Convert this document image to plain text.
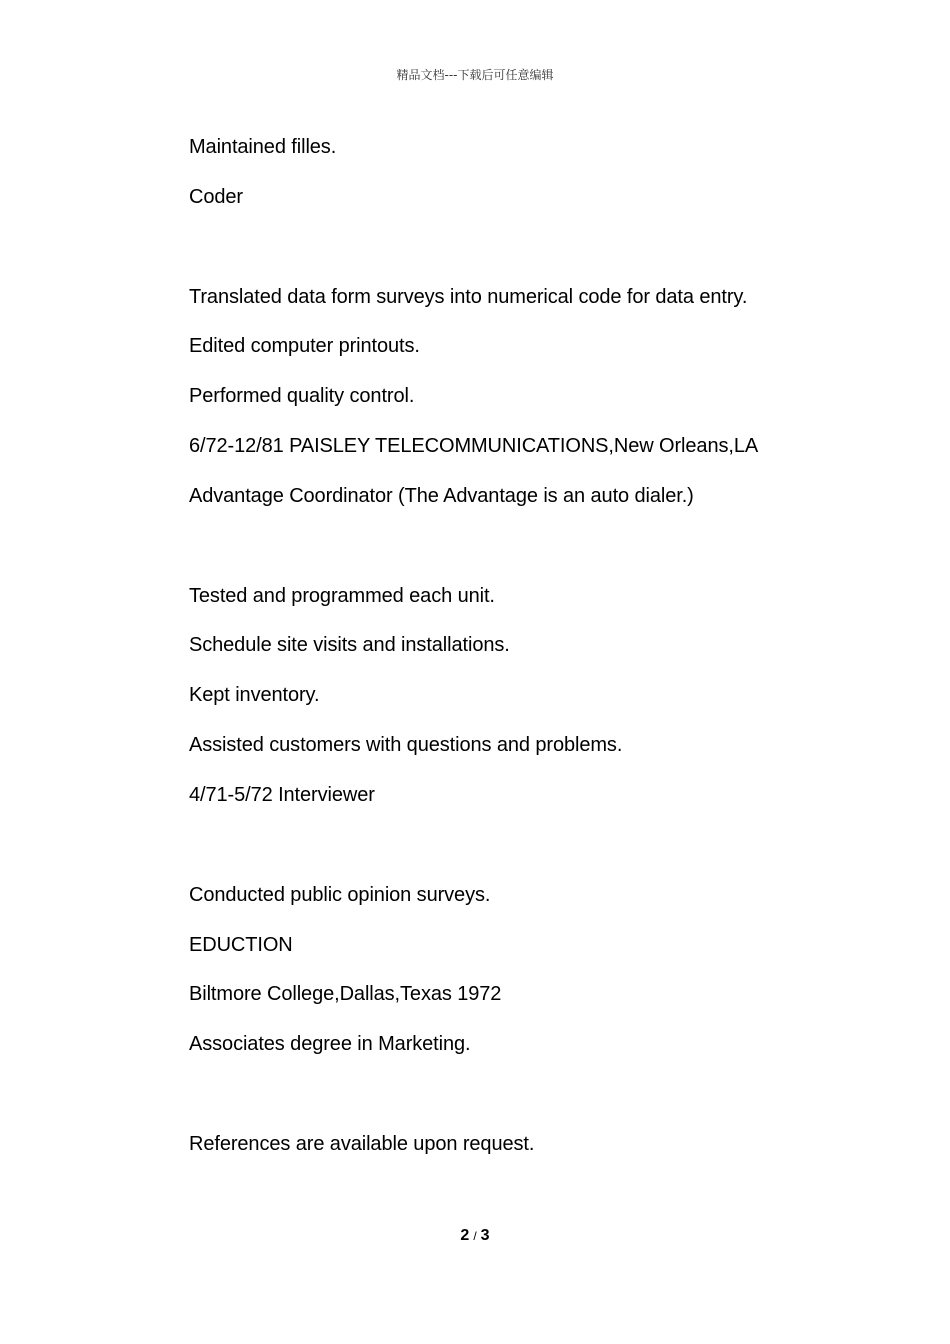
精品文档---下载后可任意编辑
Maintained filles.
Coder
Translated data form surveys into numerical code for data entry.
Edited computer printouts.
Performed quality control.
6/72-12/81 PAISLEY TELECOMMUNICATIONS,New Orleans,LA
Advantage Coordinator (The Advantage is an auto dialer.)
Tested and programmed each unit.
Schedule site visits and installations.
Kept inventory.
Assisted customers with questions and problems.
4/71-5/72 Interviewer
Conducted public opinion surveys.
EDUCTION
Biltmore College,Dallas,Texas 1972
Associates degree in Marketing.
References are available upon request.
2 / 3
